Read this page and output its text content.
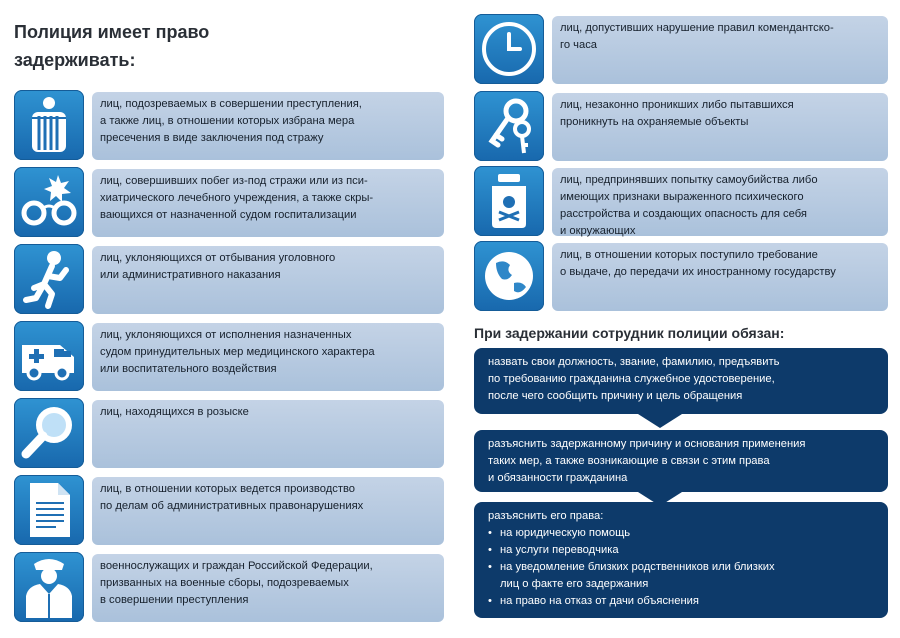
Полиция имеет право задерживать:
лиц, подозреваемых в совершении преступления,
а также лиц, в отношении которых избрана мера
пресечения в виде заключения под стражу
лиц, совершивших побег из-под стражи или из пси-
хиатрического лечебного учреждения, а также скры-
вающихся от назначенной судом госпитализации
лиц, уклоняющихся от отбывания уголовного
или административного наказания
лиц, уклоняющихся от исполнения назначенных
судом принудительных мер медицинского характера
или воспитательного воздействия
лиц, находящихся в розыске
лиц, в отношении которых ведется производство
по делам об административных правонарушениях
военнослужащих и граждан Российской Федерации,
призванных на военные сборы, подозреваемых
в совершении преступления
лиц, допустивших нарушение правил комендантско-
го часа
лиц, незаконно проникших либо пытавшихся
проникнуть на охраняемые объекты
лиц, предпринявших попытку самоубийства либо
имеющих признаки выраженного психического
расстройства и создающих опасность для себя
и окружающих
лиц, в отношении которых поступило требование
о выдаче, до передачи их иностранному государству
При задержании сотрудник полиции обязан:
назвать свои должность, звание, фамилию, предъявить
по требованию гражданина служебное удостоверение,
после чего сообщить причину и цель обращения
разъяснить задержанному причину и основания применения
таких мер, а также возникающие в связи с этим права
и обязанности гражданина
разъяснить его права:
• на юридическую помощь
• на услуги переводчика
• на уведомление близких родственников или близких
лиц о факте его задержания
• на право на отказ от дачи объяснения
